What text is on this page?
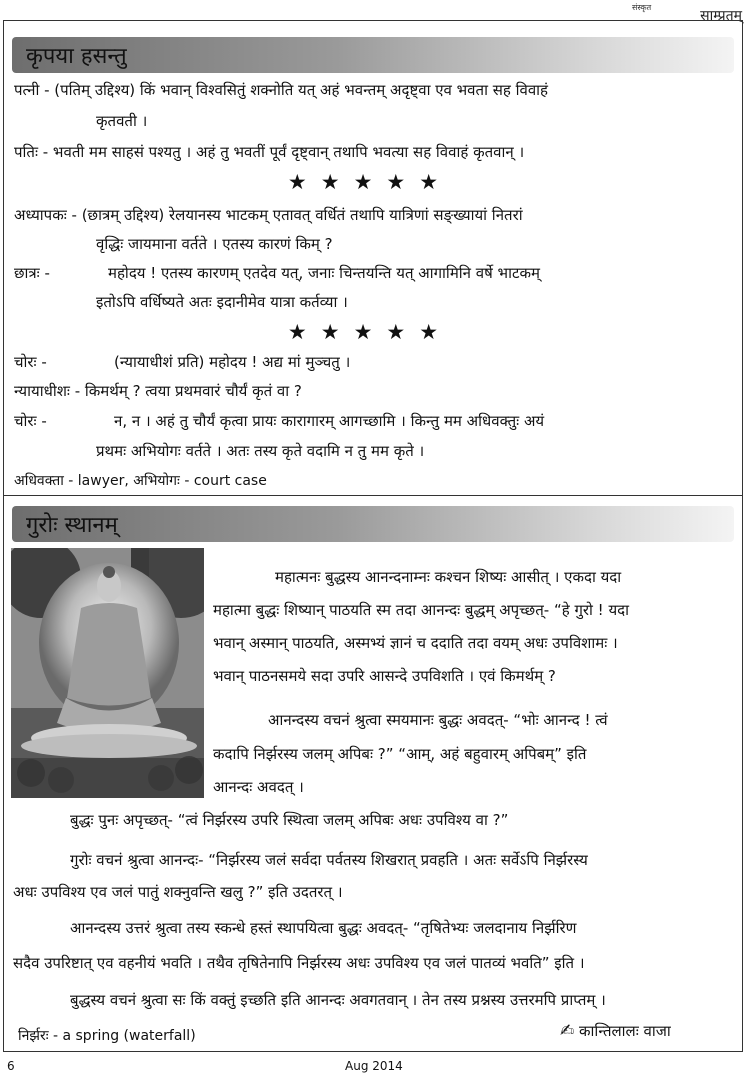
संस्कृत
साम्प्रतम्
कृपया हसन्तु
पत्नी - (पतिम् उद्दिश्य) किं भवान् विश्वसितुं शक्नोति यत् अहं भवन्तम् अदृष्ट्वा एव भवता सह विवाहं
कृतवती ।
पतिः - भवती मम साहसं पश्यतु । अहं तु भवतीं पूर्वं दृष्ट्वान् तथापि भवत्या सह विवाहं कृतवान् ।
★★★★★
अध्यापकः - (छात्रम् उद्दिश्य) रेलयानस्य भाटकम् एतावत् वर्धितं तथापि यात्रिणां सङ्ख्यायां नितरां
वृद्धिः जायमाना वर्तते । एतस्य कारणं किम् ?
छात्रः -	महोदय ! एतस्य कारणम् एतदेव यत्, जनाः चिन्तयन्ति यत् आगामिनि वर्षे भाटकम्
इतोऽपि वर्धिष्यते अतः इदानीमेव यात्रा कर्तव्या ।
★★★★★
चोरः -	(न्यायाधीशं प्रति) महोदय ! अद्य मां मुञ्चतु ।
न्यायाधीशः - किमर्थम् ? त्वया प्रथमवारं चौर्यं कृतं वा ?
चोरः -	न, न । अहं तु चौर्यं कृत्वा प्रायः कारागारम् आगच्छामि । किन्तु मम अधिवक्तुः अयं
प्रथमः अभियोगः वर्तते । अतः तस्य कृते वदामि न तु मम कृते ।
अधिवक्ता - lawyer, अभियोगः - court case
गुरोः स्थानम्
महात्मनः बुद्धस्य आनन्दनाम्नः कश्चन शिष्यः आसीत् । एकदा यदा
महात्मा बुद्धः शिष्यान् पाठयति स्म तदा आनन्दः बुद्धम् अपृच्छत्- “हे गुरो ! यदा
भवान् अस्मान् पाठयति, अस्मभ्यं ज्ञानं च ददाति तदा वयम् अधः उपविशामः ।
भवान् पाठनसमये सदा उपरि आसन्दे उपविशति । एवं किमर्थम् ?
आनन्दस्य वचनं श्रुत्वा स्मयमानः बुद्धः अवदत्- “भोः आनन्द ! त्वं
कदापि निर्झरस्य जलम् अपिबः ?” “आम्, अहं बहुवारम् अपिबम्” इति
आनन्दः अवदत् ।
बुद्धः पुनः अपृच्छत्- “त्वं निर्झरस्य उपरि स्थित्वा जलम् अपिबः अधः उपविश्य वा ?”
गुरोः वचनं श्रुत्वा आनन्दः- “निर्झरस्य जलं सर्वदा पर्वतस्य शिखरात् प्रवहति । अतः सर्वेऽपि निर्झरस्य
अधः उपविश्य एव जलं पातुं शक्नुवन्ति खलु ?” इति उदतरत् ।
आनन्दस्य उत्तरं श्रुत्वा तस्य स्कन्धे हस्तं स्थापयित्वा बुद्धः अवदत्- “तृषितेभ्यः जलदानाय निर्झरिण
सदैव उपरिष्टात् एव वहनीयं भवति । तथैव तृषितेनापि निर्झरस्य अधः उपविश्य एव जलं पातव्यं भवति” इति ।
बुद्धस्य वचनं श्रुत्वा सः किं वक्तुं इच्छति इति आनन्दः अवगतवान् । तेन तस्य प्रश्नस्य उत्तरमपि प्राप्तम् ।
निर्झरः - a spring (waterfall)	✍ कान्तिलालः वाजा
6	Aug 2014
